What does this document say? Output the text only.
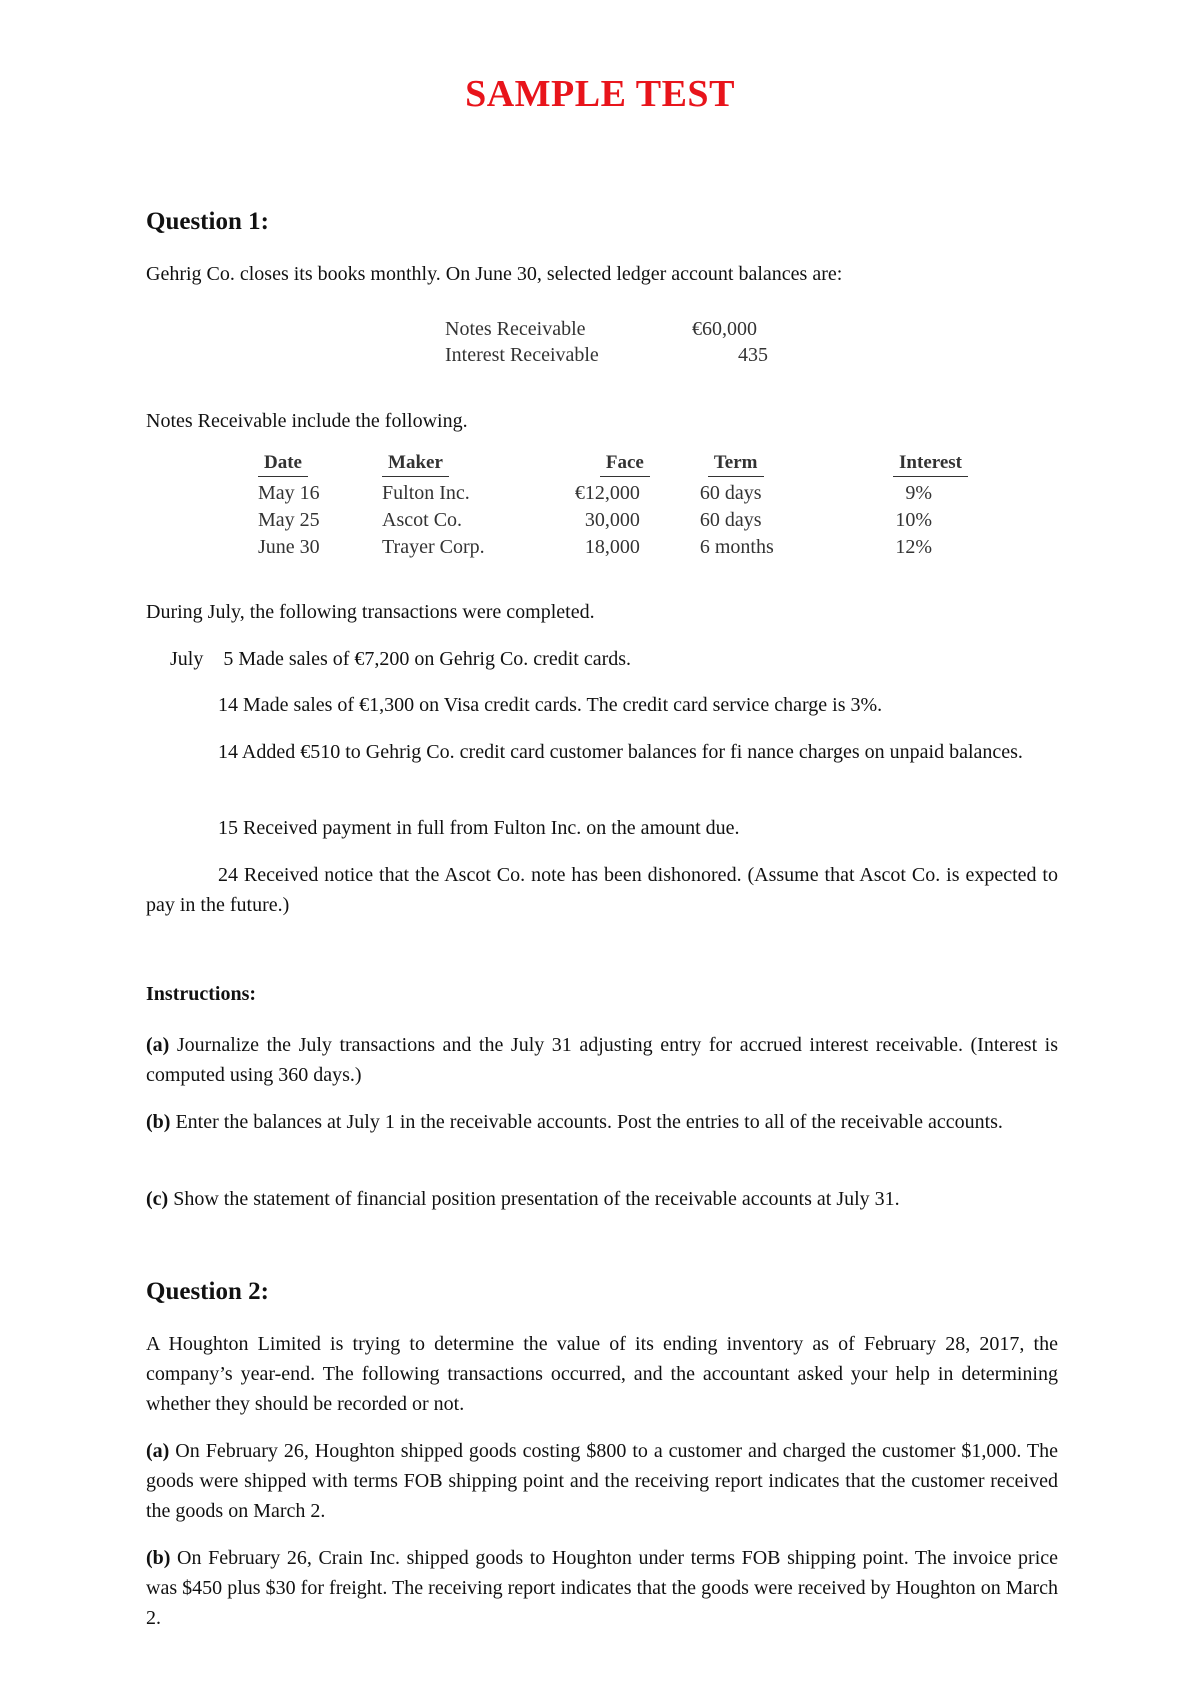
SAMPLE TEST
Question 1:
Gehrig Co. closes its books monthly. On June 30, selected ledger account balances are:
Notes Receivable	€60,000
Interest Receivable	435
Notes Receivable include the following.
Date	Maker	Face	Term	Interest
May 16	Fulton Inc.	€12,000	60 days	9%
May 25	Ascot Co.	30,000	60 days	10%
June 30	Trayer Corp.	18,000	6 months	12%
During July, the following transactions were completed.
July    5 Made sales of €7,200 on Gehrig Co. credit cards.
14 Made sales of €1,300 on Visa credit cards. The credit card service charge is 3%.
14 Added €510 to Gehrig Co. credit card customer balances for fi nance charges on unpaid balances.
15 Received payment in full from Fulton Inc. on the amount due.
24 Received notice that the Ascot Co. note has been dishonored. (Assume that Ascot Co. is expected to pay in the future.)
Instructions:
(a) Journalize the July transactions and the July 31 adjusting entry for accrued interest receivable. (Interest is computed using 360 days.)
(b) Enter the balances at July 1 in the receivable accounts. Post the entries to all of the receivable accounts.
(c) Show the statement of financial position presentation of the receivable accounts at July 31.
Question 2:
A Houghton Limited is trying to determine the value of its ending inventory as of February 28, 2017, the company’s year-end. The following transactions occurred, and the accountant asked your help in determining whether they should be recorded or not.
(a) On February 26, Houghton shipped goods costing $800 to a customer and charged the customer $1,000. The goods were shipped with terms FOB shipping point and the receiving report indicates that the customer received the goods on March 2.
(b) On February 26, Crain Inc. shipped goods to Houghton under terms FOB shipping point. The invoice price was $450 plus $30 for freight. The receiving report indicates that the goods were received by Houghton on March 2.
